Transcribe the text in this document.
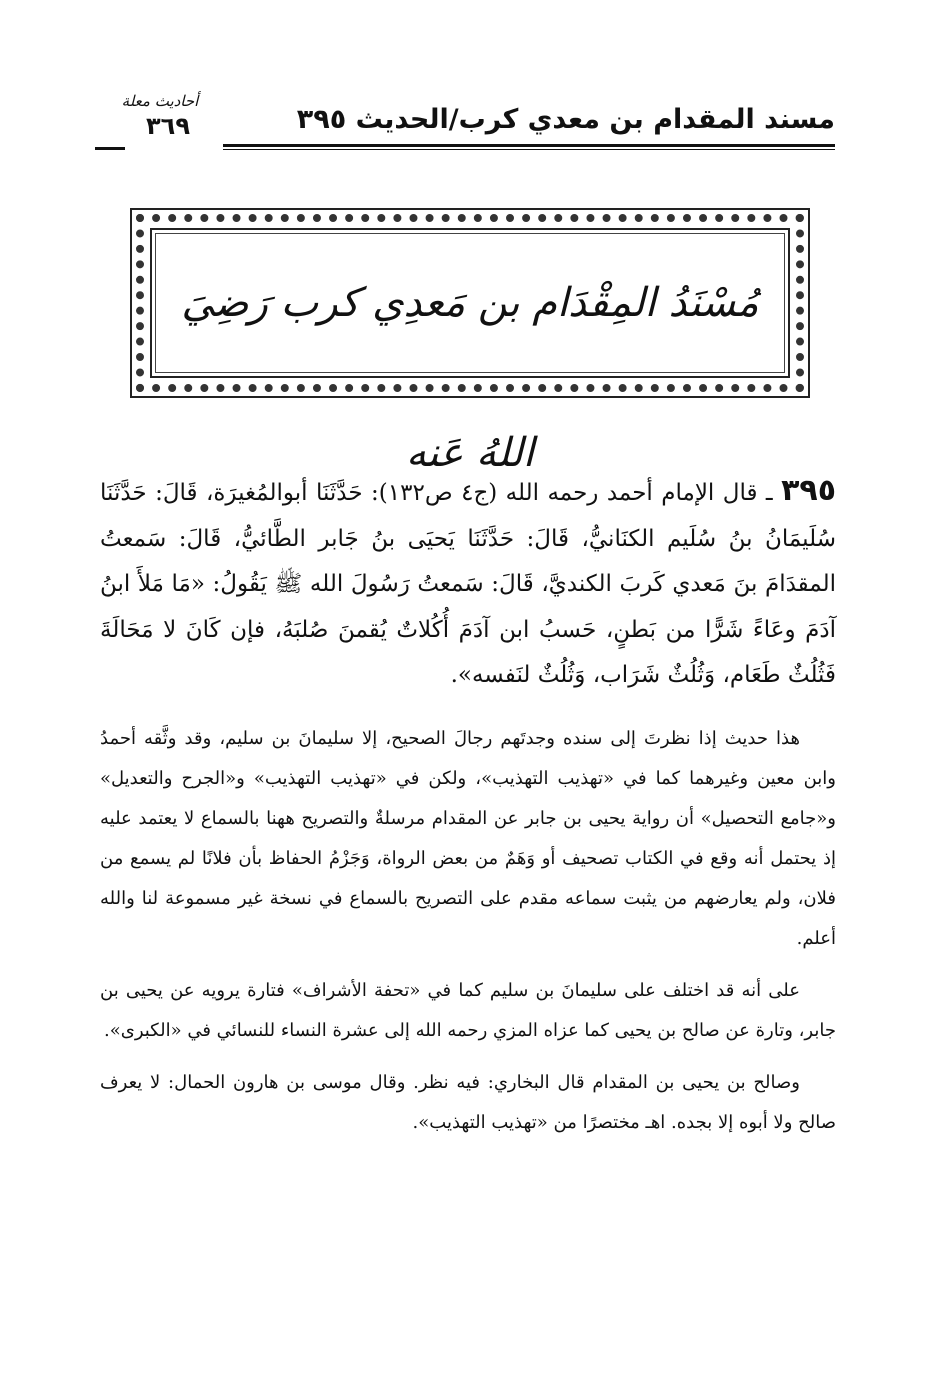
أحاديث معلة
٣٦٩	مسند المقدام بن معدي كرب/الحديث ٣٩٥
مُسْنَدُ المِقْدَام بن مَعدِي كرب رَضِيَ اللهُ عَنه

٣٩٥ ـ قال الإمام أحمد رحمه الله (ج٤ ص١٣٢): حَدَّثَنَا أبوالمُغيرَة، قَالَ: حَدَّثَنَا سُلَيمَانُ بنُ سُلَيم الكنَانيُّ، قَالَ: حَدَّثَنَا يَحيَى بنُ جَابر الطَّائيُّ، قَالَ: سَمعتُ المقدَامَ بنَ مَعدي كَربَ الكنديَّ، قَالَ: سَمعتُ رَسُولَ الله ﷺ يَقُولُ: «مَا مَلأَ ابنُ آدَمَ وعَاءً شَرًّا من بَطنٍ، حَسبُ ابن آدَمَ أُكُلاتٌ يُقمنَ صُلبَهُ، فإن كَانَ لا مَحَالَةَ فَثُلُثٌ طَعَام، وَثُلُثٌ شَرَاب، وَثُلُثٌ لنَفسه».

هذا حديث إذا نظرتَ إلى سنده وجدتَهم رجالَ الصحيح، إلا سليمانَ بن سليم، وقد وثَّقه أحمدُ وابن معين وغيرهما كما في «تهذيب التهذيب»، ولكن في «تهذيب التهذيب» و«الجرح والتعديل» و«جامع التحصيل» أن رواية يحيى بن جابر عن المقدام مرسلةٌ والتصريح ههنا بالسماع لا يعتمد عليه إذ يحتمل أنه وقع في الكتاب تصحيف أو وَهَمٌ من بعض الرواة، وَجَزْمُ الحفاظ بأن فلانًا لم يسمع من فلان، ولم يعارضهم من يثبت سماعه مقدم على التصريح بالسماع في نسخة غير مسموعة لنا والله أعلم.

على أنه قد اختلف على سليمانَ بن سليم كما في «تحفة الأشراف» فتارة يرويه عن يحيى بن جابر، وتارة عن صالح بن يحيى كما عزاه المزي رحمه الله إلى عشرة النساء للنسائي في «الكبرى».

وصالح بن يحيى بن المقدام قال البخاري: فيه نظر. وقال موسى بن هارون الحمال: لا يعرف صالح ولا أبوه إلا بجده. اهـ مختصرًا من «تهذيب التهذيب».
